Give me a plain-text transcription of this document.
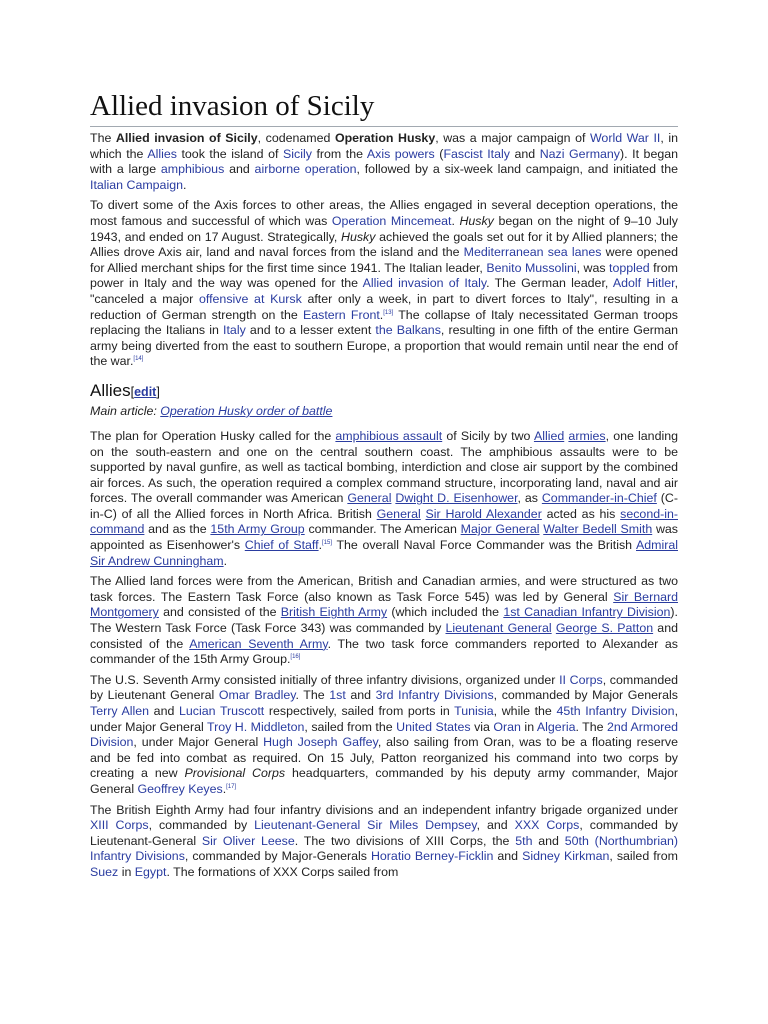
Allied invasion of Sicily

The Allied invasion of Sicily, codenamed Operation Husky, was a major campaign of World War II, in which the Allies took the island of Sicily from the Axis powers (Fascist Italy and Nazi Germany). It began with a large amphibious and airborne operation, followed by a six-week land campaign, and initiated the Italian Campaign.

To divert some of the Axis forces to other areas, the Allies engaged in several deception operations, the most famous and successful of which was Operation Mincemeat. Husky began on the night of 9–10 July 1943, and ended on 17 August. Strategically, Husky achieved the goals set out for it by Allied planners; the Allies drove Axis air, land and naval forces from the island and the Mediterranean sea lanes were opened for Allied merchant ships for the first time since 1941. The Italian leader, Benito Mussolini, was toppled from power in Italy and the way was opened for the Allied invasion of Italy. The German leader, Adolf Hitler, "canceled a major offensive at Kursk after only a week, in part to divert forces to Italy", resulting in a reduction of German strength on the Eastern Front.[13] The collapse of Italy necessitated German troops replacing the Italians in Italy and to a lesser extent the Balkans, resulting in one fifth of the entire German army being diverted from the east to southern Europe, a proportion that would remain until near the end of the war.[14]

Allies[edit]
Main article: Operation Husky order of battle

The plan for Operation Husky called for the amphibious assault of Sicily by two Allied armies, one landing on the south-eastern and one on the central southern coast. The amphibious assaults were to be supported by naval gunfire, as well as tactical bombing, interdiction and close air support by the combined air forces. As such, the operation required a complex command structure, incorporating land, naval and air forces. The overall commander was American General Dwight D. Eisenhower, as Commander-in-Chief (C-in-C) of all the Allied forces in North Africa. British General Sir Harold Alexander acted as his second-in-command and as the 15th Army Group commander. The American Major General Walter Bedell Smith was appointed as Eisenhower's Chief of Staff.[15] The overall Naval Force Commander was the British Admiral Sir Andrew Cunningham.

The Allied land forces were from the American, British and Canadian armies, and were structured as two task forces. The Eastern Task Force (also known as Task Force 545) was led by General Sir Bernard Montgomery and consisted of the British Eighth Army (which included the 1st Canadian Infantry Division). The Western Task Force (Task Force 343) was commanded by Lieutenant General George S. Patton and consisted of the American Seventh Army. The two task force commanders reported to Alexander as commander of the 15th Army Group.[16]

The U.S. Seventh Army consisted initially of three infantry divisions, organized under II Corps, commanded by Lieutenant General Omar Bradley. The 1st and 3rd Infantry Divisions, commanded by Major Generals Terry Allen and Lucian Truscott respectively, sailed from ports in Tunisia, while the 45th Infantry Division, under Major General Troy H. Middleton, sailed from the United States via Oran in Algeria. The 2nd Armored Division, under Major General Hugh Joseph Gaffey, also sailing from Oran, was to be a floating reserve and be fed into combat as required. On 15 July, Patton reorganized his command into two corps by creating a new Provisional Corps headquarters, commanded by his deputy army commander, Major General Geoffrey Keyes.[17]

The British Eighth Army had four infantry divisions and an independent infantry brigade organized under XIII Corps, commanded by Lieutenant-General Sir Miles Dempsey, and XXX Corps, commanded by Lieutenant-General Sir Oliver Leese. The two divisions of XIII Corps, the 5th and 50th (Northumbrian) Infantry Divisions, commanded by Major-Generals Horatio Berney-Ficklin and Sidney Kirkman, sailed from Suez in Egypt. The formations of XXX Corps sailed from
